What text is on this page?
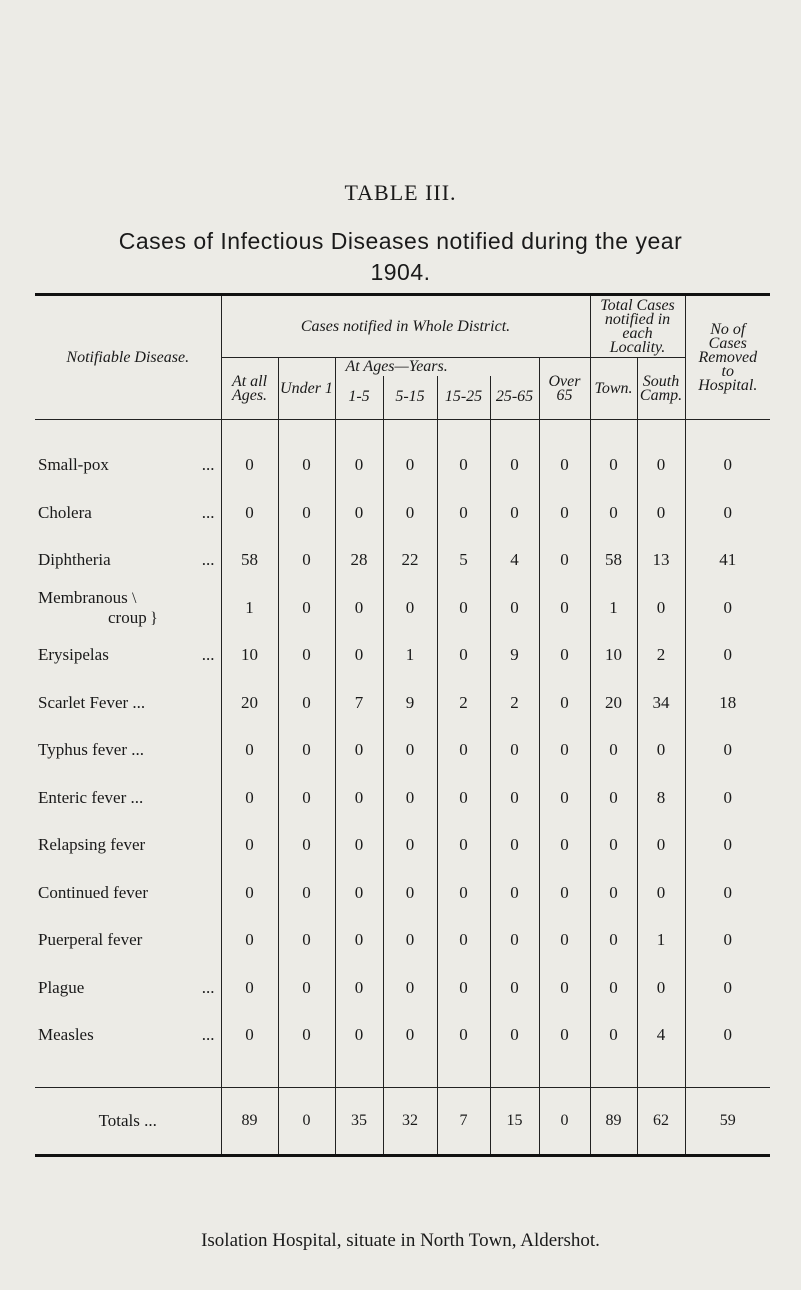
TABLE III.
Cases of Infectious Diseases notified during the year
1904.
Notifiable Disease.	Cases notified in Whole District.							Total Cases notified in each Locality.		No of Cases Removed to Hospital.
	At all Ages.	Under 1	At Ages—Years.				Over 65	Town.	South Camp.	
			1-5	5-15	15-25	25-65				

Small-pox ...	0	0	0	0	0	0	0	0	0	0
Cholera ...	0	0	0	0	0	0	0	0	0	0
Diphtheria ...	58	0	28	22	5	4	0	58	13	41

Membranous \
croup  }	1	0	0	0	0	0	0	1	0	0
Erysipelas ...	10	0	0	1	0	9	0	10	2	0
Scarlet Fever ...	20	0	7	9	2	2	0	20	34	18
Typhus fever ...	0	0	0	0	0	0	0	0	0	0
Enteric fever ...	0	0	0	0	0	0	0	0	8	0
Relapsing fever	0	0	0	0	0	0	0	0	0	0
Continued fever	0	0	0	0	0	0	0	0	0	0
Puerperal fever	0	0	0	0	0	0	0	0	1	0
Plague ...	0	0	0	0	0	0	0	0	0	0
Measles ...	0	0	0	0	0	0	0	0	4	0

Totals ...	89	0	35	32	7	15	0	89	62	59
Isolation Hospital, situate in North Town, Aldershot.
